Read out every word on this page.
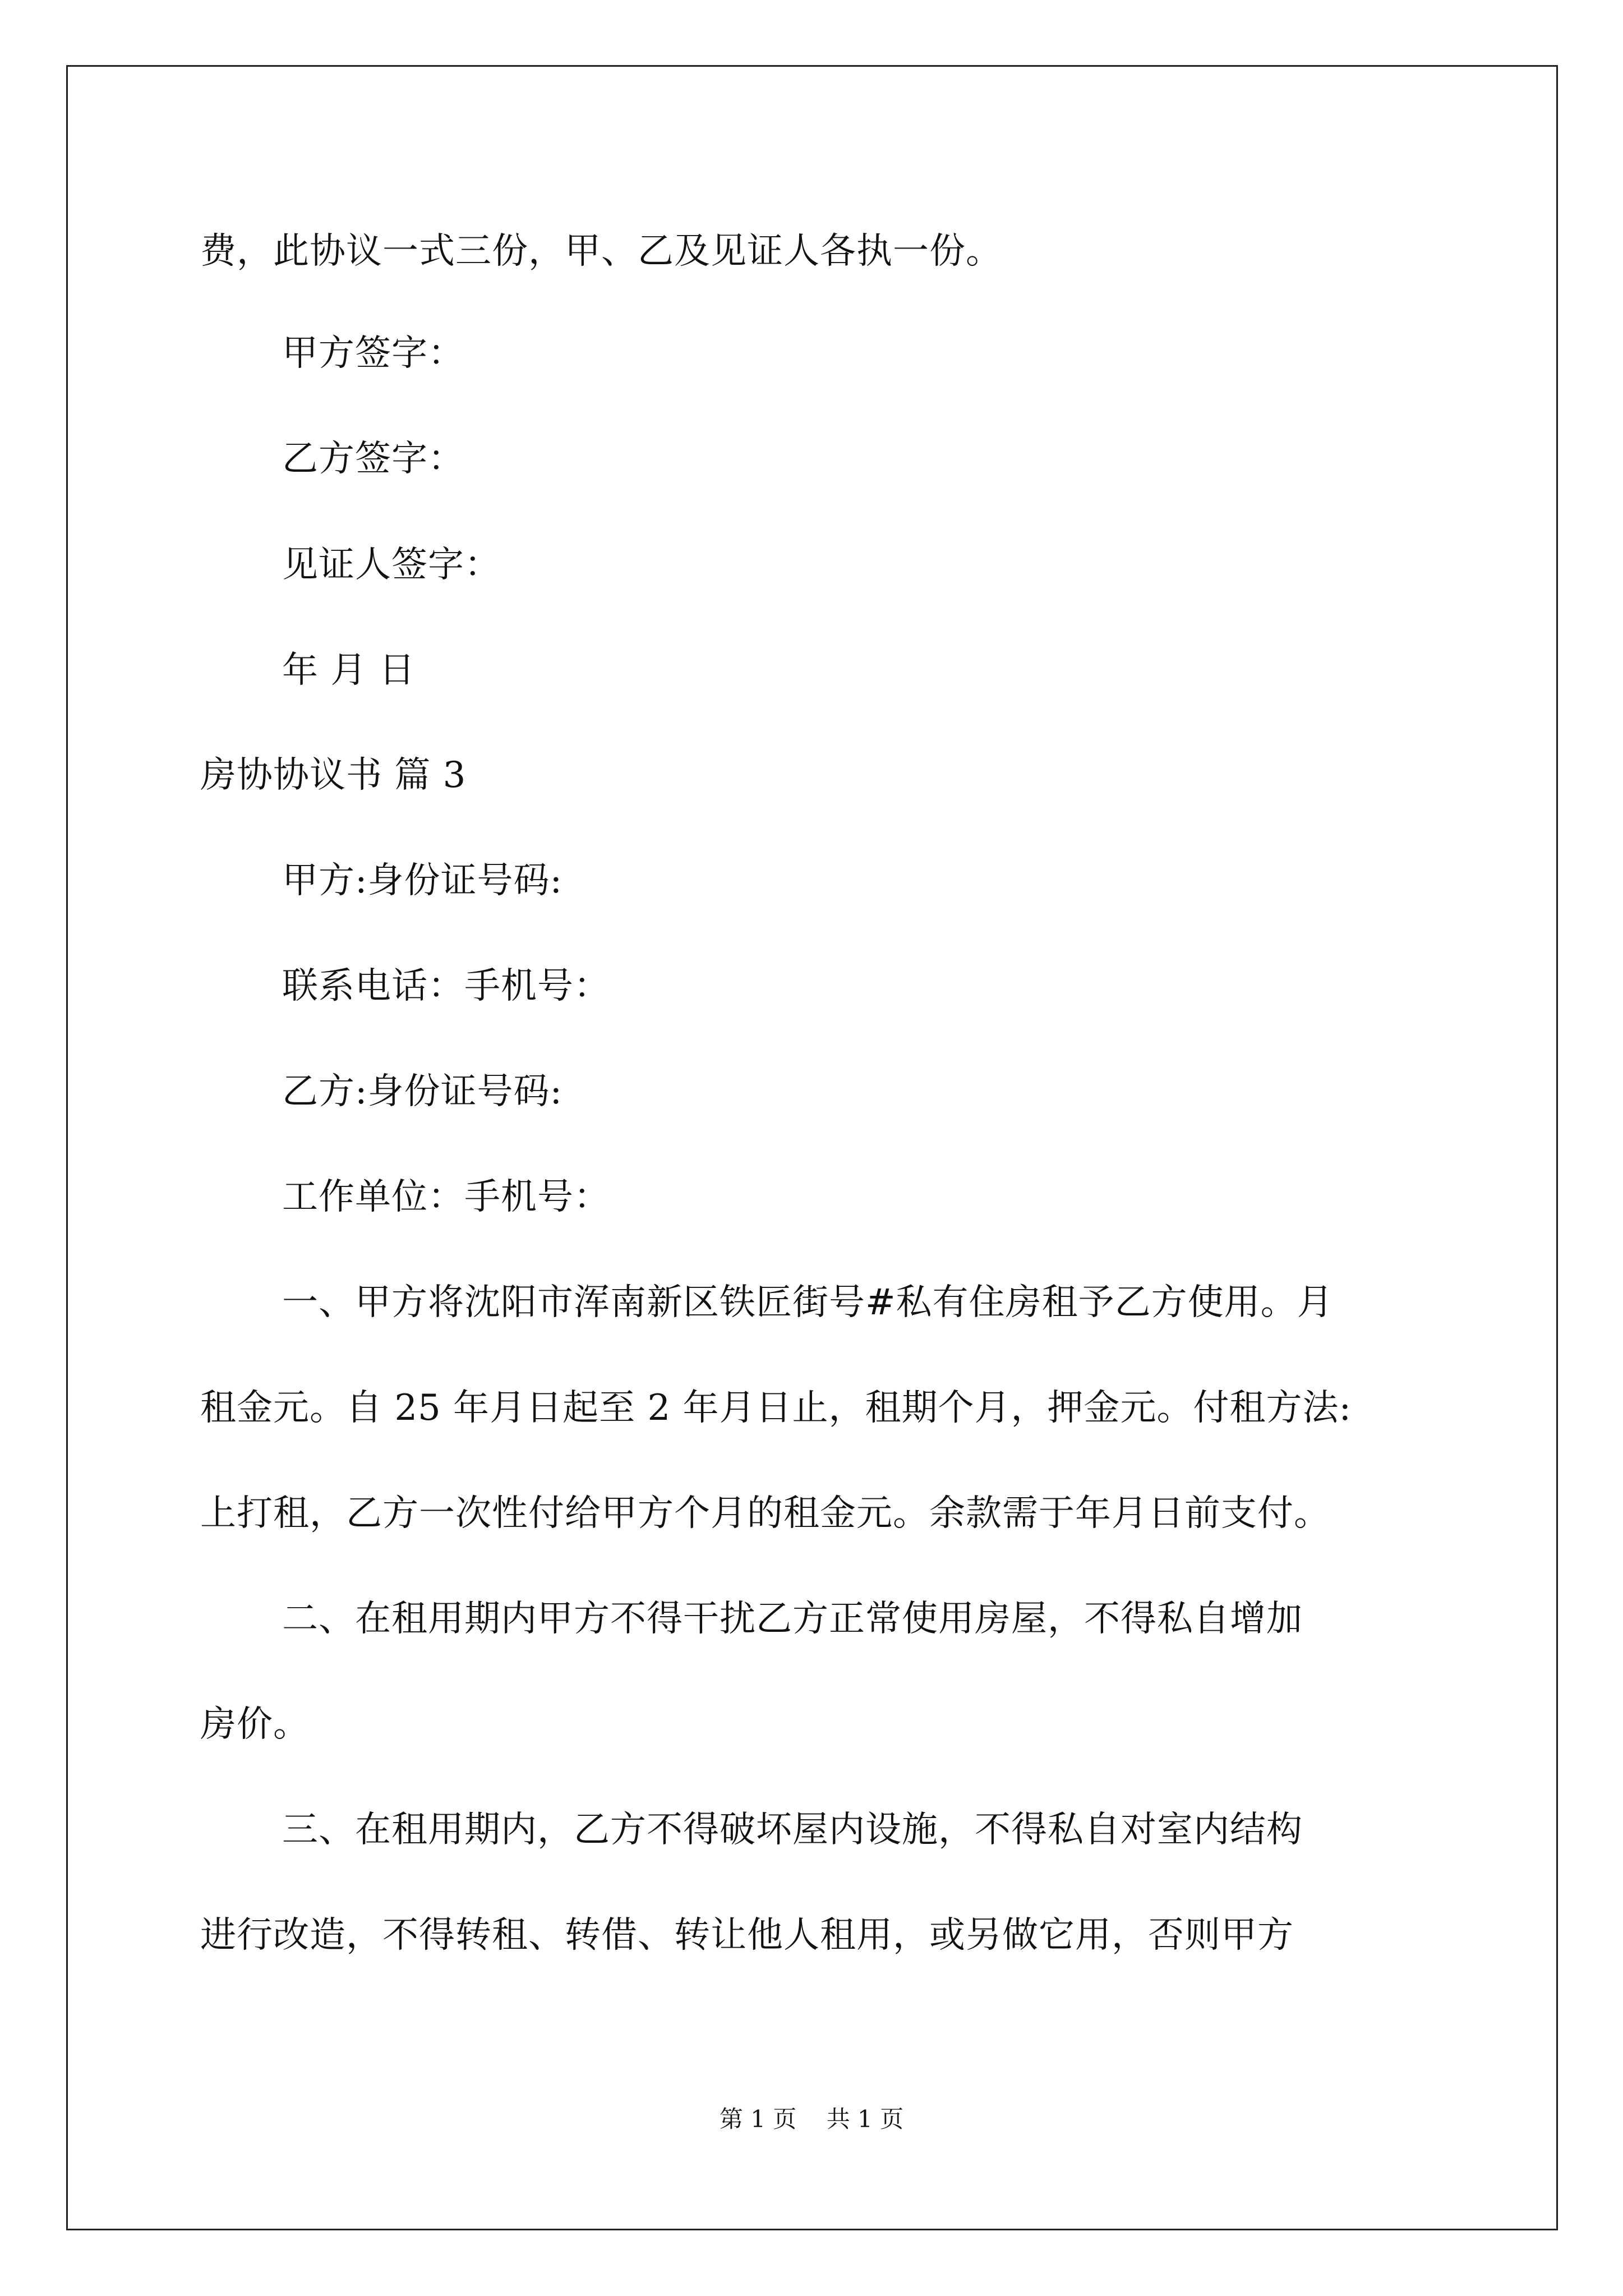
费，此协议一式三份，甲、乙及见证人各执一份。
甲方签字：
乙方签字：
见证人签字：
年 月 日
房协协议书 篇 3
甲方:身份证号码:
联系电话：手机号：
乙方:身份证号码:
工作单位：手机号：
一、甲方将沈阳市浑南新区铁匠街号#私有住房租予乙方使用。月
租金元。自 25 年月日起至 2 年月日止，租期个月，押金元。付租方法:
上打租，乙方一次性付给甲方个月的租金元。余款需于年月日前支付。
二、在租用期内甲方不得干扰乙方正常使用房屋，不得私自增加
房价。
三、在租用期内，乙方不得破坏屋内设施，不得私自对室内结构
进行改造，不得转租、转借、转让他人租用，或另做它用，否则甲方
第 1 页    共 1 页
